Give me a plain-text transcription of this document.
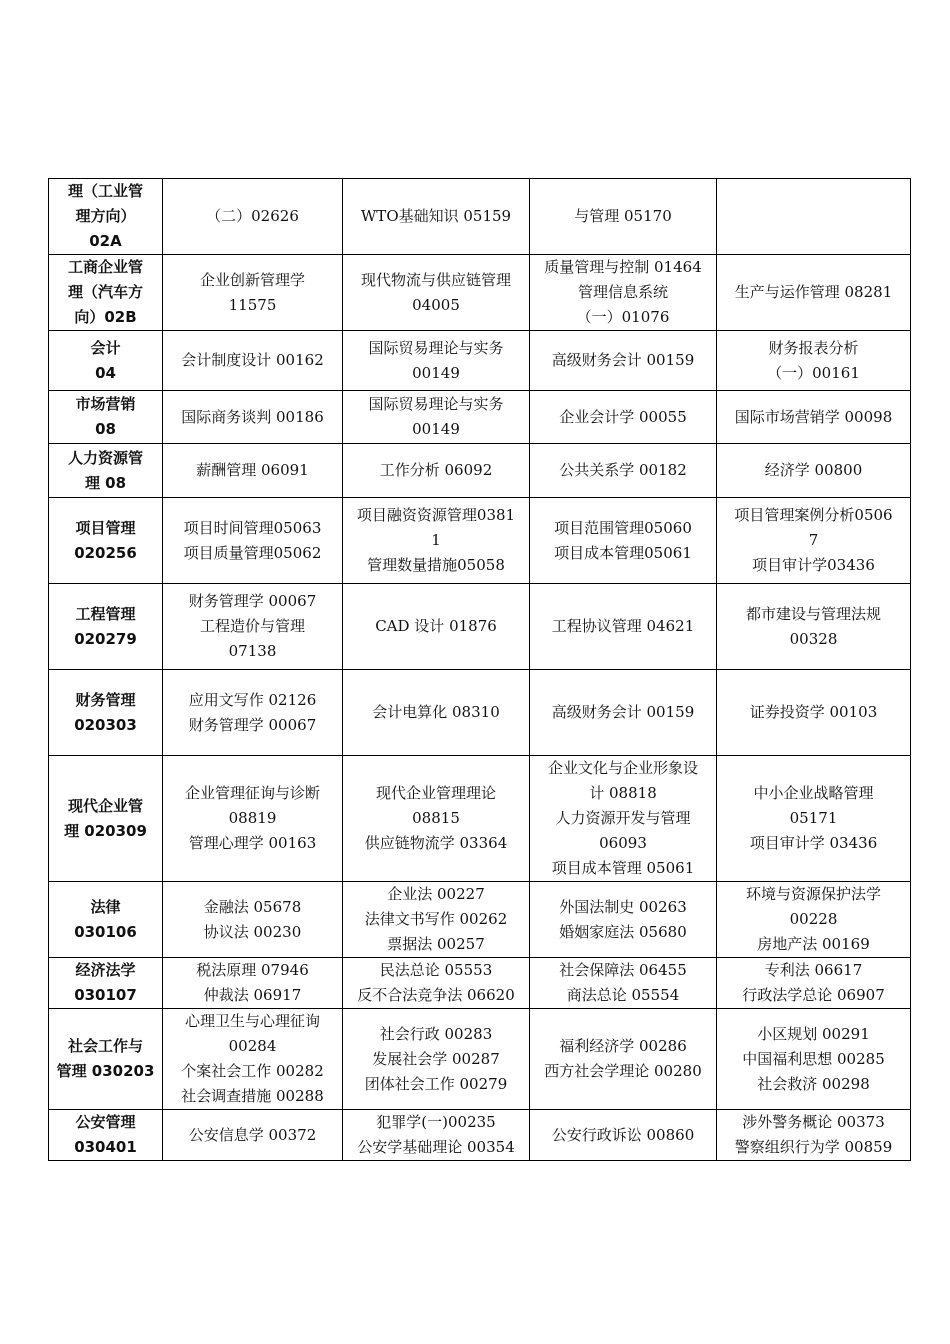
理（工业管
理方向）
02A	（二）02626	WTO基础知识 05159	与管理 05170	

工商企业管
理（汽车方
向）02B	企业创新管理学
11575	现代物流与供应链管理
04005	质量管理与控制 01464
管理信息系统
（一）01076	生产与运作管理 08281

会计
04	会计制度设计 00162	国际贸易理论与实务
00149	高级财务会计 00159	财务报表分析
（一）00161

市场营销
08	国际商务谈判 00186	国际贸易理论与实务
00149	企业会计学 00055	国际市场营销学 00098

人力资源管
理 08	薪酬管理 06091	工作分析 06092	公共关系学 00182	经济学 00800

项目管理
020256	项目时间管理05063
项目质量管理05062	项目融资资源管理0381
1
管理数量措施05058	项目范围管理05060
项目成本管理05061	项目管理案例分析0506
7
项目审计学03436

工程管理
020279	财务管理学 00067
工程造价与管理
07138	CAD 设计 01876	工程协议管理 04621	都市建设与管理法规
00328

财务管理
020303	应用文写作 02126
财务管理学 00067	会计电算化 08310	高级财务会计 00159	证券投资学 00103

现代企业管
理 020309	企业管理征询与诊断
08819
管理心理学 00163	现代企业管理理论
08815
供应链物流学 03364	企业文化与企业形象设
计 08818
人力资源开发与管理
06093
项目成本管理 05061	中小企业战略管理
05171
项目审计学 03436

法律
030106	金融法 05678
协议法 00230	企业法 00227
法律文书写作 00262
票据法 00257	外国法制史 00263
婚姻家庭法 05680	环境与资源保护法学
00228
房地产法 00169

经济法学
030107	税法原理 07946
仲裁法 06917	民法总论 05553
反不合法竞争法 06620	社会保障法 06455
商法总论 05554	专利法 06617
行政法学总论 06907

社会工作与
管理 030203	心理卫生与心理征询
00284
个案社会工作 00282
社会调查措施 00288	社会行政 00283
发展社会学 00287
团体社会工作 00279	福利经济学 00286
西方社会学理论 00280	小区规划 00291
中国福利思想 00285
社会救济 00298

公安管理
030401	公安信息学 00372	犯罪学(一)00235
公安学基础理论 00354	公安行政诉讼 00860	涉外警务概论 00373
警察组织行为学 00859
